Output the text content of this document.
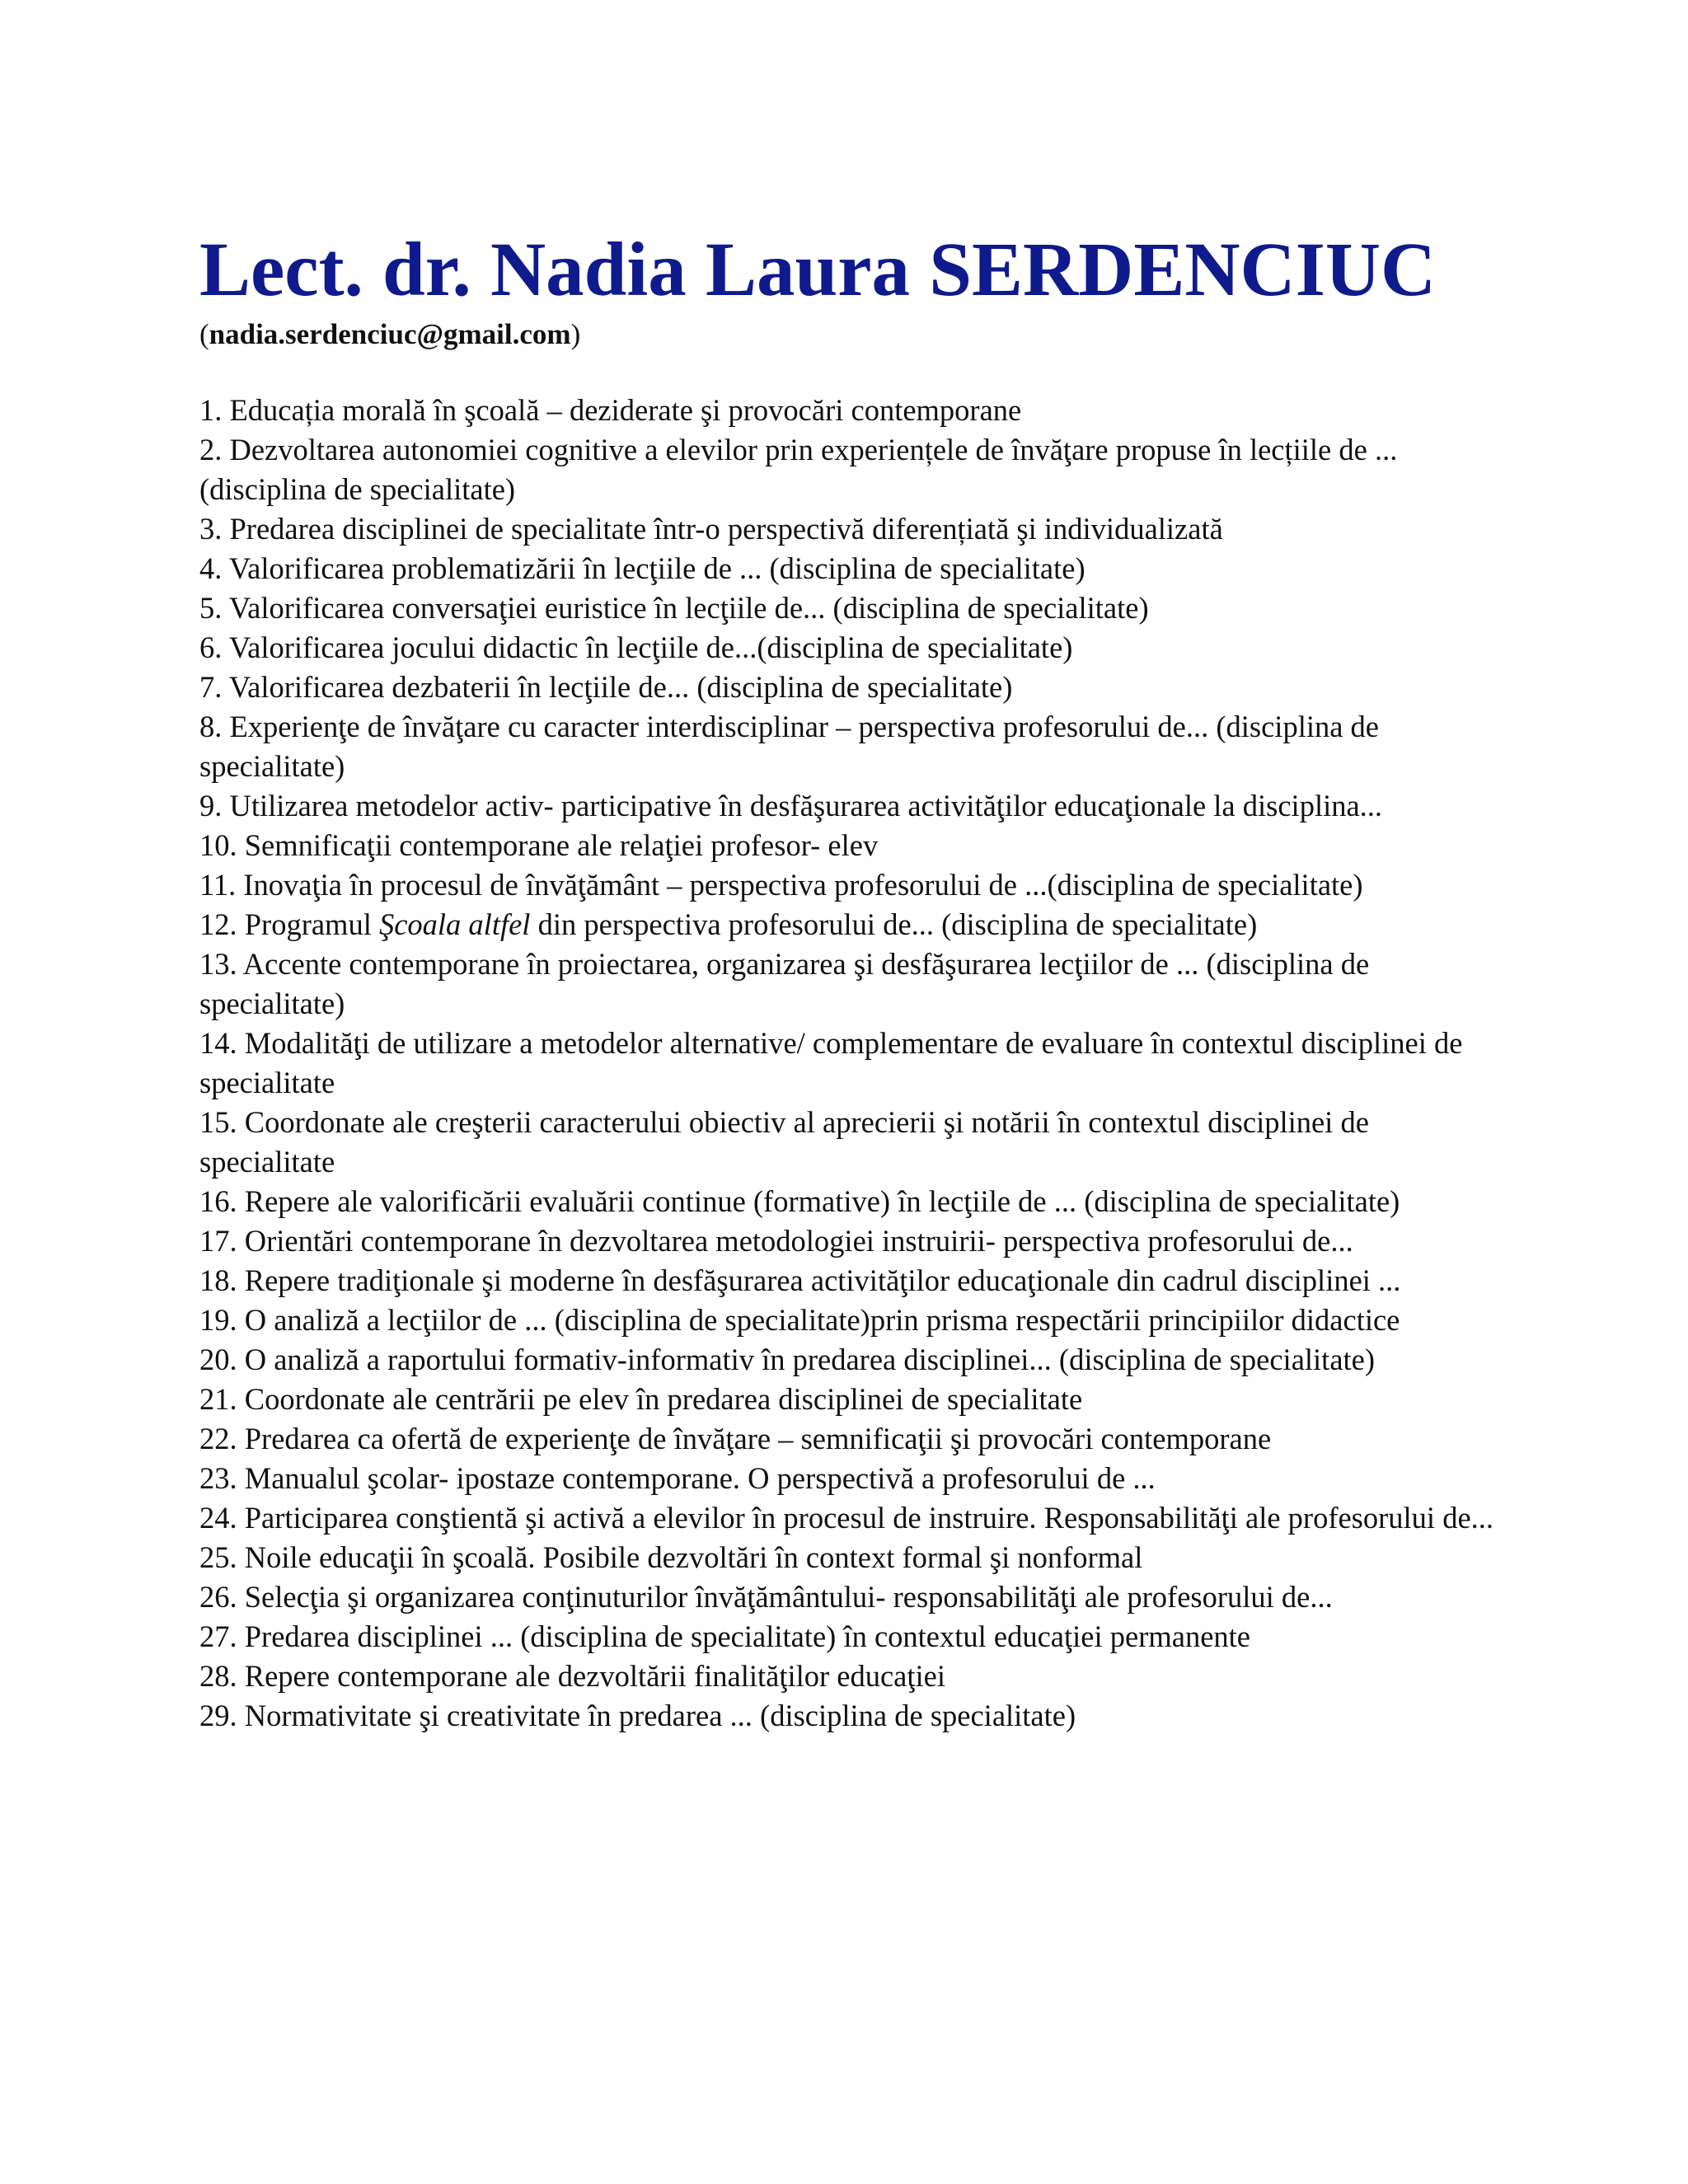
Lect. dr. Nadia Laura SERDENCIUC

(nadia.serdenciuc@gmail.com)

1. Educația morală în şcoală – deziderate şi provocări contemporane
2. Dezvoltarea autonomiei cognitive a elevilor prin experiențele de învăţare propuse în lecțiile de ...(disciplina de specialitate)
3. Predarea disciplinei de specialitate într-o perspectivă diferențiată şi individualizată
4. Valorificarea problematizării în lecţiile de ... (disciplina de specialitate)
5. Valorificarea conversaţiei euristice în lecţiile de... (disciplina de specialitate)
6. Valorificarea jocului didactic în lecţiile de...(disciplina de specialitate)
7. Valorificarea dezbaterii în lecţiile de... (disciplina de specialitate)
8. Experienţe de învăţare cu caracter interdisciplinar – perspectiva profesorului de... (disciplina de specialitate)
9. Utilizarea metodelor activ- participative în desfăşurarea activităţilor educaţionale la disciplina...
10. Semnificaţii contemporane ale relaţiei profesor- elev
11. Inovaţia în procesul de învăţământ – perspectiva profesorului de ...(disciplina de specialitate)
12. Programul Şcoala altfel din perspectiva profesorului de... (disciplina de specialitate)
13. Accente contemporane în proiectarea, organizarea şi desfăşurarea lecţiilor de ... (disciplina de specialitate)
14. Modalităţi de utilizare a metodelor alternative/ complementare de evaluare în contextul disciplinei de specialitate
15. Coordonate ale creşterii caracterului obiectiv al aprecierii şi notării în contextul disciplinei de specialitate
16. Repere ale valorificării evaluării continue (formative) în lecţiile de ... (disciplina de specialitate)
17. Orientări contemporane în dezvoltarea metodologiei instruirii- perspectiva profesorului de...
18. Repere tradiţionale şi moderne în desfăşurarea activităţilor educaţionale din cadrul disciplinei ...
19. O analiză a lecţiilor de ... (disciplina de specialitate)prin prisma respectării principiilor didactice
20. O analiză a raportului formativ-informativ în predarea disciplinei... (disciplina de specialitate)
21. Coordonate ale centrării pe elev în predarea disciplinei de specialitate
22. Predarea ca ofertă de experienţe de învăţare – semnificaţii şi provocări contemporane
23. Manualul şcolar- ipostaze contemporane. O perspectivă a profesorului de ...
24. Participarea conştientă şi activă a elevilor în procesul de instruire. Responsabilităţi ale profesorului de...
25. Noile educaţii în şcoală. Posibile dezvoltări în context formal şi nonformal
26. Selecţia şi organizarea conţinuturilor învăţământului- responsabilităţi ale profesorului de...
27. Predarea disciplinei ... (disciplina de specialitate) în contextul educaţiei permanente
28. Repere contemporane ale dezvoltării finalităţilor educaţiei
29. Normativitate şi creativitate în predarea ... (disciplina de specialitate)
